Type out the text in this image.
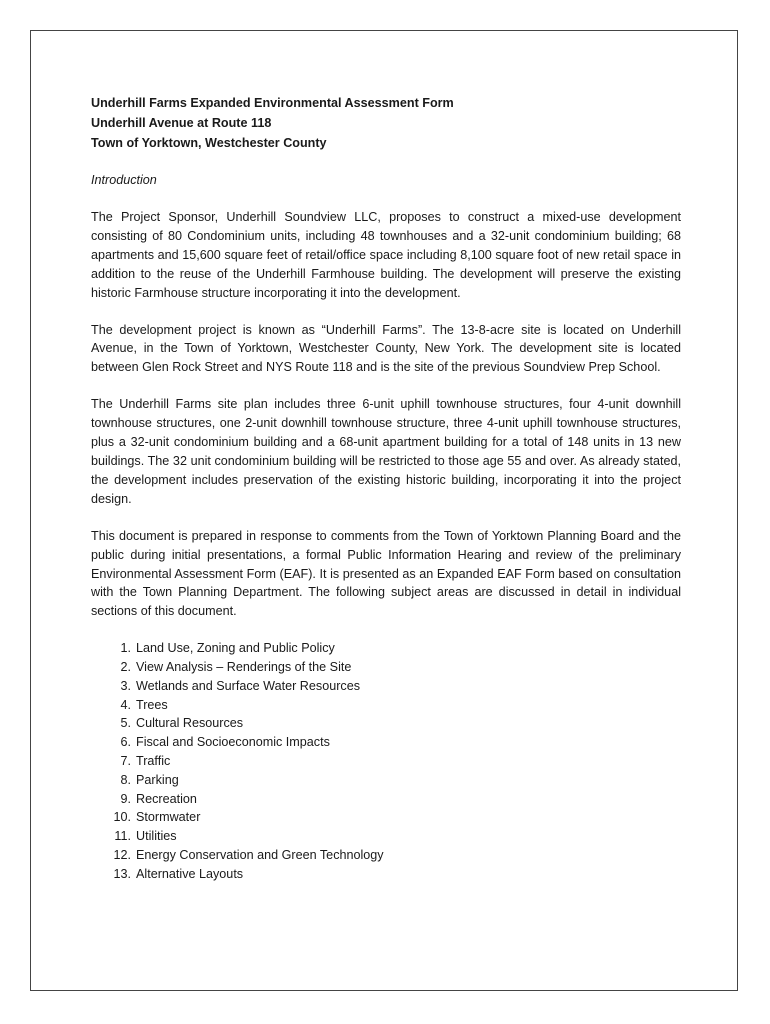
Underhill Farms Expanded Environmental Assessment Form
Underhill Avenue at Route 118
Town of Yorktown, Westchester County
Introduction

The Project Sponsor, Underhill Soundview LLC, proposes to construct a mixed-use development consisting of 80 Condominium units, including 48 townhouses and a 32-unit condominium building; 68 apartments and 15,600 square feet of retail/office space including 8,100 square foot of new retail space in addition to the reuse of the Underhill Farmhouse building. The development will preserve the existing historic Farmhouse structure incorporating it into the development.

The development project is known as “Underhill Farms”. The 13-8-acre site is located on Underhill Avenue, in the Town of Yorktown, Westchester County, New York. The development site is located between Glen Rock Street and NYS Route 118 and is the site of the previous Soundview Prep School.

The Underhill Farms site plan includes three 6-unit uphill townhouse structures, four 4-unit downhill townhouse structures, one 2-unit downhill townhouse structure, three 4-unit uphill townhouse structures, plus a 32-unit condominium building and a 68-unit apartment building for a total of 148 units in 13 new buildings. The 32 unit condominium building will be restricted to those age 55 and over. As already stated, the development includes preservation of the existing historic building, incorporating it into the project design.

This document is prepared in response to comments from the Town of Yorktown Planning Board and the public during initial presentations, a formal Public Information Hearing and review of the preliminary Environmental Assessment Form (EAF). It is presented as an Expanded EAF Form based on consultation with the Town Planning Department. The following subject areas are discussed in detail in individual sections of this document.

1. Land Use, Zoning and Public Policy
2. View Analysis – Renderings of the Site
3. Wetlands and Surface Water Resources
4. Trees
5. Cultural Resources
6. Fiscal and Socioeconomic Impacts
7. Traffic
8. Parking
9. Recreation
10. Stormwater
11. Utilities
12. Energy Conservation and Green Technology
13. Alternative Layouts
